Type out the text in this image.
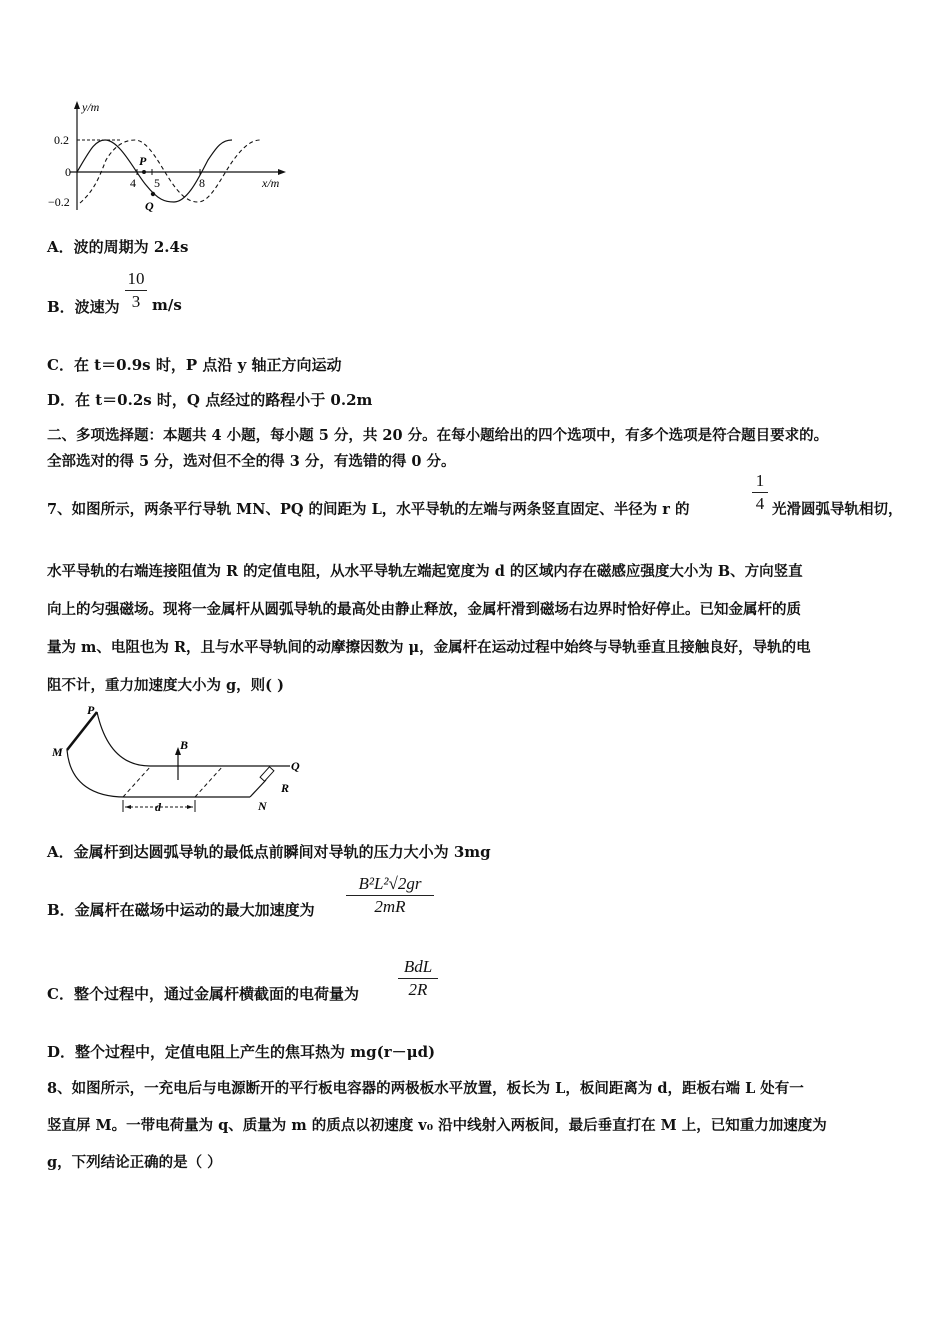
y/m
x/m
0.2
0
−0.2
4 5	8
P
Q
A．波的周期为 2.4s
B．波速为
10
3 m/s
C．在 t＝0.9s 时，P 点沿 y 轴正方向运动
D．在 t＝0.2s 时，Q 点经过的路程小于 0.2m
二、多项选择题：本题共 4 小题，每小题 5 分，共 20 分。在每小题给出的四个选项中，有多个选项是符合题目要求的。
全部选对的得 5 分，选对但不全的得 3 分，有选错的得 0 分。
7、如图所示，两条平行导轨 MN、PQ 的间距为 L，水平导轨的左端与两条竖直固定、半径为 r 的
1
4 光滑圆弧导轨相切，
水平导轨的右端连接阻值为 R 的定值电阻，从水平导轨左端起宽度为 d 的区域内存在磁感应强度大小为 B、方向竖直
向上的匀强磁场。现将一金属杆从圆弧导轨的最高处由静止释放，金属杆滑到磁场右边界时恰好停止。已知金属杆的质
量为 m、电阻也为 R，且与水平导轨间的动摩擦因数为 μ，金属杆在运动过程中始终与导轨垂直且接触良好，导轨的电
阻不计，重力加速度大小为 g，则( )
P
M	B
Q
R
N
d
A．金属杆到达圆弧导轨的最低点前瞬间对导轨的压力大小为 3mg
B．金属杆在磁场中运动的最大加速度为
B²L²√2gr
2mR
C．整个过程中，通过金属杆横截面的电荷量为
BdL
2R
D．整个过程中，定值电阻上产生的焦耳热为 mg(r－μd)
8、如图所示，一充电后与电源断开的平行板电容器的两极板水平放置，板长为 L，板间距离为 d，距板右端 L 处有一
竖直屏 M。一带电荷量为 q、质量为 m 的质点以初速度 v₀ 沿中线射入两板间，最后垂直打在 M 上，已知重力加速度为
g，下列结论正确的是（ ）
